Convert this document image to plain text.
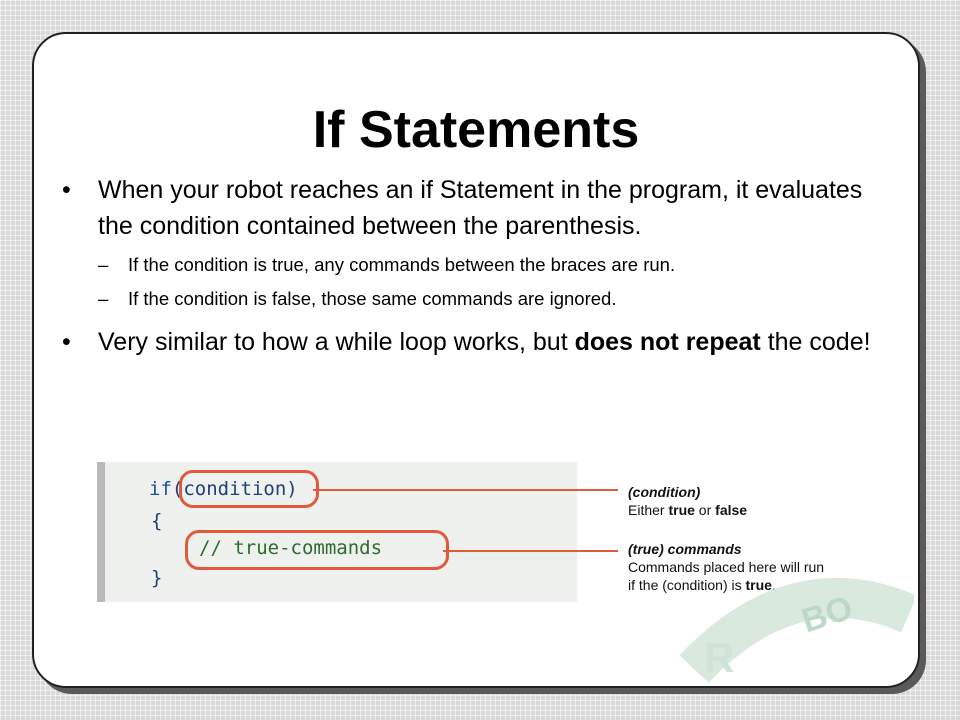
If Statements

• When your robot reaches an if Statement in the program, it evaluates the condition contained between the parenthesis.

– If the condition is true, any commands between the braces are run.

– If the condition is false, those same commands are ignored.

• Very similar to how a while loop works, but does not repeat the code!

if(condition)
{
// true-commands
}
(condition)
Either true or false
(true) commands
Commands placed here will run
if the (condition) is true.
R
BO
